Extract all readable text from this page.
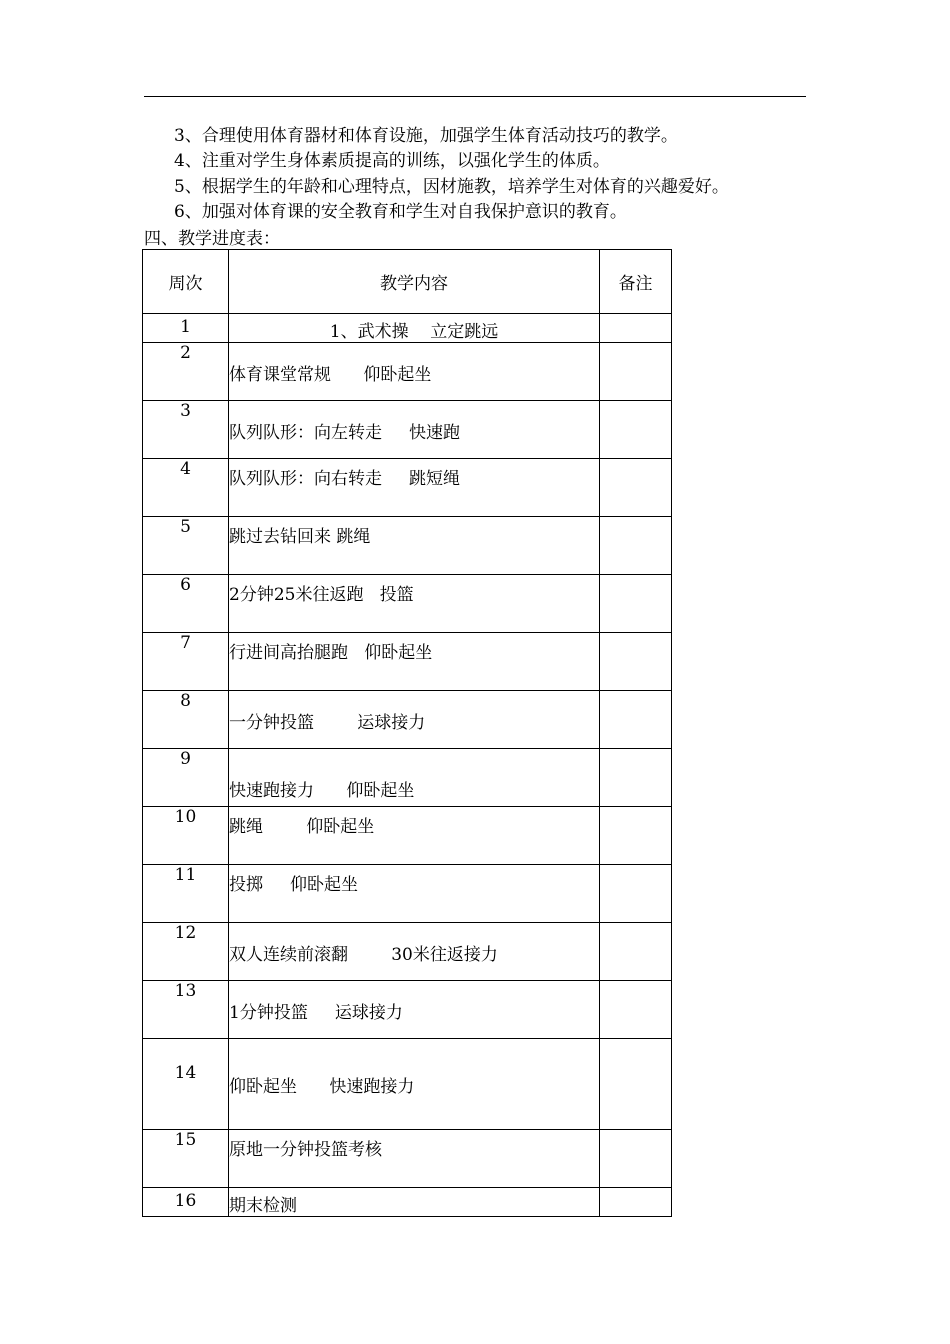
3、合理使用体育器材和体育设施，加强学生体育活动技巧的教学。
4、注重对学生身体素质提高的训练，以强化学生的体质。
5、根据学生的年龄和心理特点，因材施教，培养学生对体育的兴趣爱好。
6、加强对体育课的安全教育和学生对自我保护意识的教育。
四、教学进度表：
周次	教学内容	备注
1	1、武术操    立定跳远	
2	体育课堂常规      仰卧起坐	
3	队列队形：向左转走     快速跑	
4	队列队形：向右转走     跳短绳	
5	跳过去钻回来 跳绳	
6	2分钟25米往返跑   投篮	
7	行进间高抬腿跑   仰卧起坐	
8	一分钟投篮        运球接力	
9	快速跑接力      仰卧起坐	
10	跳绳        仰卧起坐	
11	投掷     仰卧起坐	
12	双人连续前滚翻        30米往返接力	
13	1分钟投篮     运球接力	
14	仰卧起坐      快速跑接力	
15	原地一分钟投篮考核	
16	期末检测	
